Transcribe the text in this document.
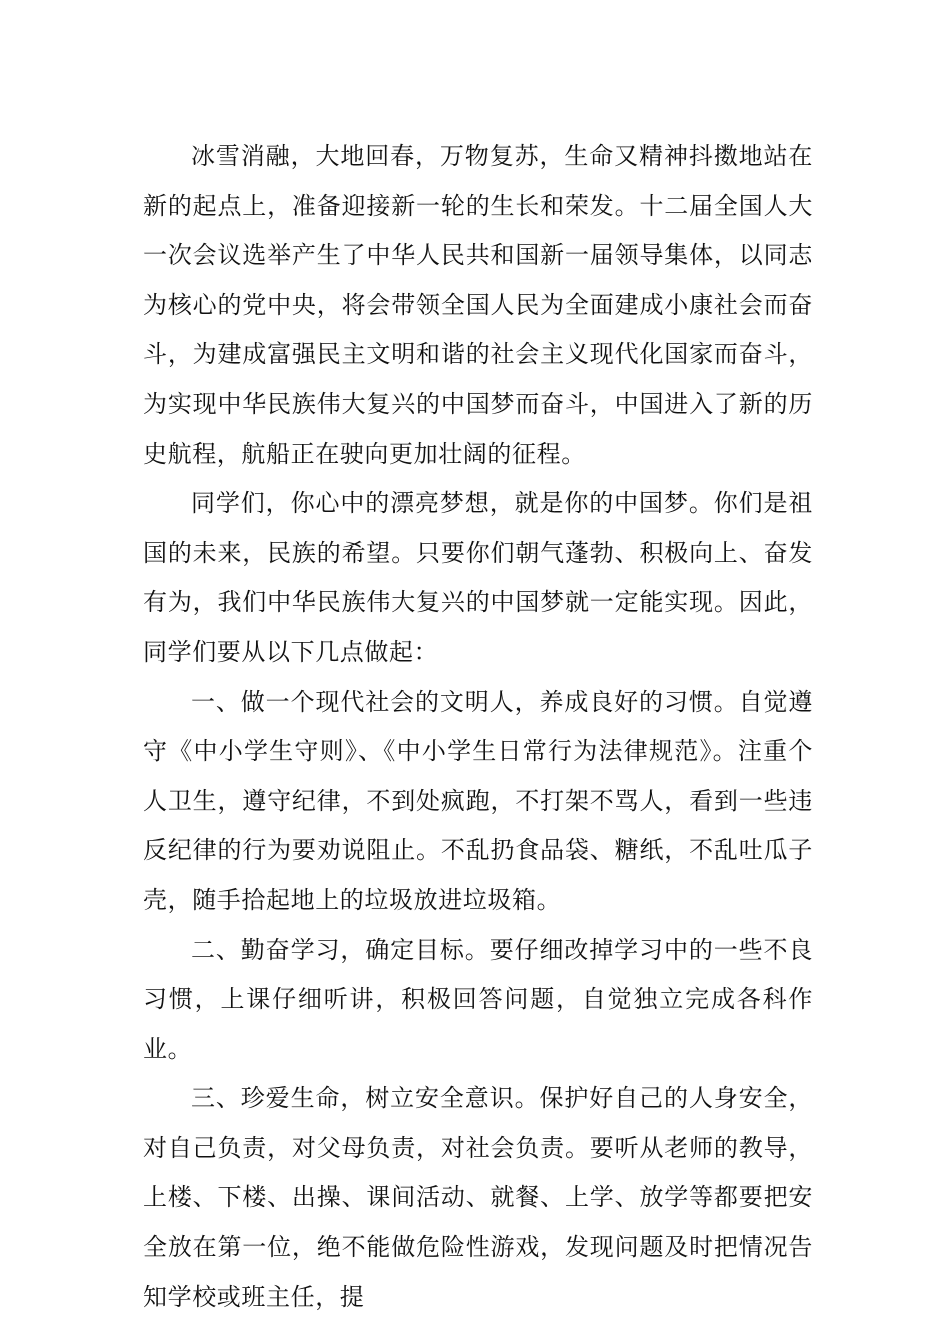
冰雪消融，大地回春，万物复苏，生命又精神抖擞地站在新的起点上，准备迎接新一轮的生长和荣发。十二届全国人大一次会议选举产生了中华人民共和国新一届领导集体，以同志为核心的党中央，将会带领全国人民为全面建成小康社会而奋斗，为建成富强民主文明和谐的社会主义现代化国家而奋斗，为实现中华民族伟大复兴的中国梦而奋斗，中国进入了新的历史航程，航船正在驶向更加壮阔的征程。

同学们，你心中的漂亮梦想，就是你的中国梦。你们是祖国的未来，民族的希望。只要你们朝气蓬勃、积极向上、奋发有为，我们中华民族伟大复兴的中国梦就一定能实现。因此，同学们要从以下几点做起：

一、做一个现代社会的文明人，养成良好的习惯。自觉遵守《中小学生守则》、《中小学生日常行为法律规范》。注重个人卫生，遵守纪律，不到处疯跑，不打架不骂人，看到一些违反纪律的行为要劝说阻止。不乱扔食品袋、糖纸，不乱吐瓜子壳，随手拾起地上的垃圾放进垃圾箱。

二、勤奋学习，确定目标。要仔细改掉学习中的一些不良习惯，上课仔细听讲，积极回答问题，自觉独立完成各科作业。

三、珍爱生命，树立安全意识。保护好自己的人身安全，对自己负责，对父母负责，对社会负责。要听从老师的教导，上楼、下楼、出操、课间活动、就餐、上学、放学等都要把安全放在第一位，绝不能做危险性游戏，发现问题及时把情况告知学校或班主任，提
